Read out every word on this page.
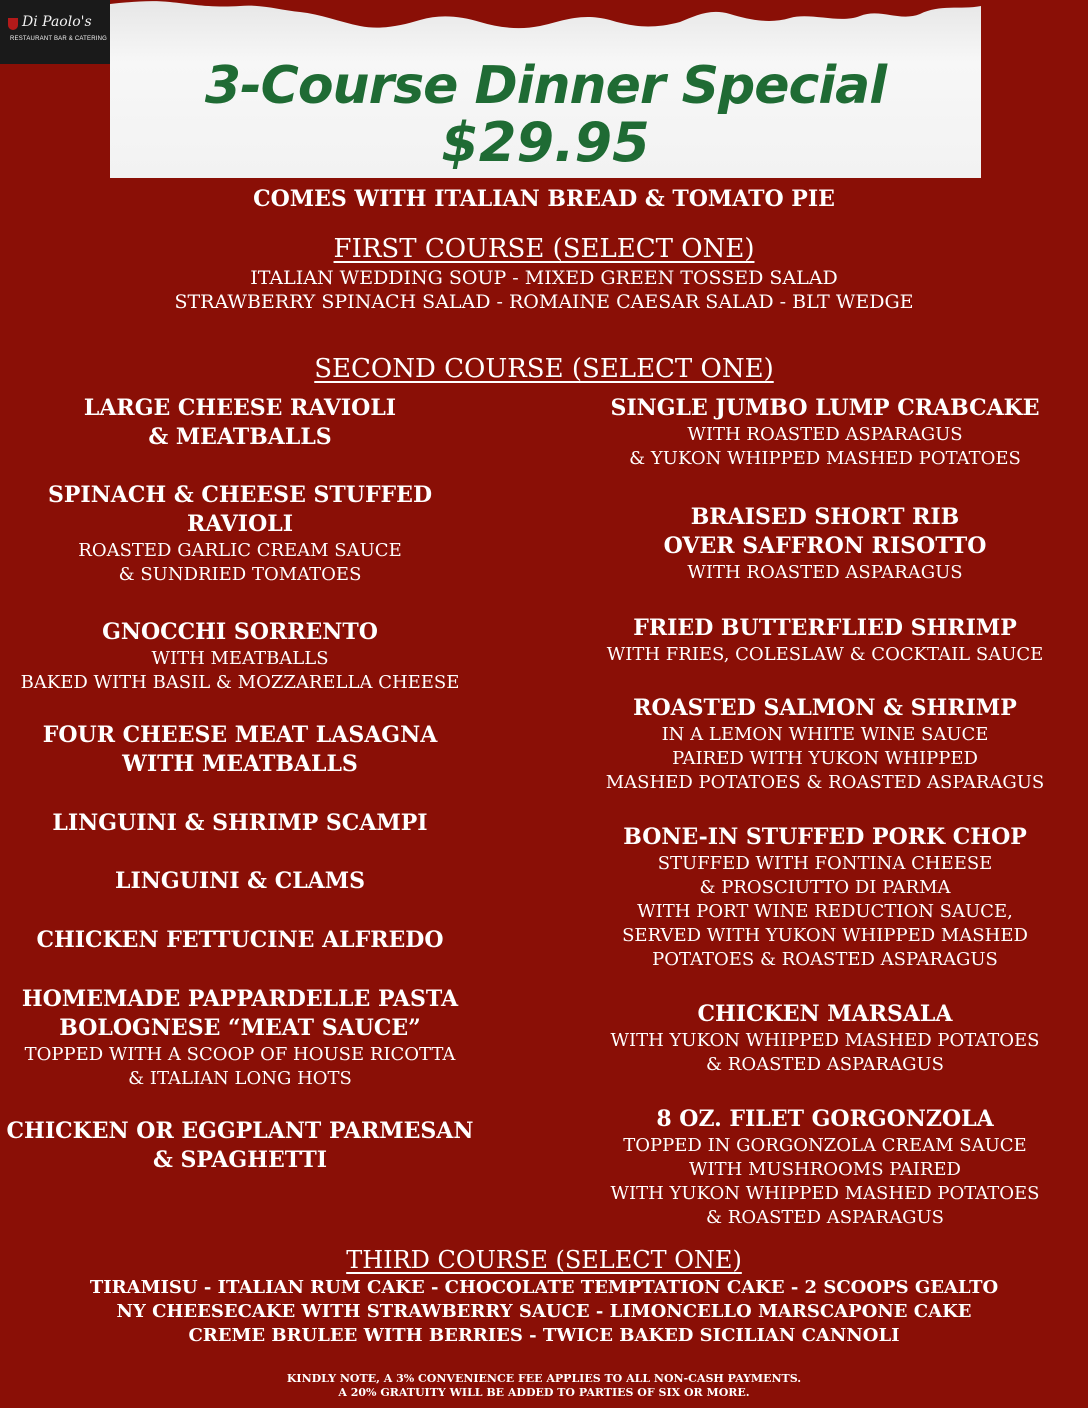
Di Paolo's
RESTAURANT BAR & CATERING
3-Course Dinner Special
$29.95
COMES WITH ITALIAN BREAD & TOMATO PIE
FIRST COURSE (SELECT ONE)
ITALIAN WEDDING SOUP - MIXED GREEN TOSSED SALAD
STRAWBERRY SPINACH SALAD - ROMAINE CAESAR SALAD - BLT WEDGE
SECOND COURSE (SELECT ONE)
LARGE CHEESE RAVIOLI
& MEATBALLS
SPINACH & CHEESE STUFFED
RAVIOLI
ROASTED GARLIC CREAM SAUCE
& SUNDRIED TOMATOES
GNOCCHI SORRENTO
WITH MEATBALLS
BAKED WITH BASIL & MOZZARELLA CHEESE
FOUR CHEESE MEAT LASAGNA
WITH MEATBALLS
LINGUINI & SHRIMP SCAMPI
LINGUINI & CLAMS
CHICKEN FETTUCINE ALFREDO
HOMEMADE PAPPARDELLE PASTA
BOLOGNESE “MEAT SAUCE”
TOPPED WITH A SCOOP OF HOUSE RICOTTA
& ITALIAN LONG HOTS
CHICKEN OR EGGPLANT PARMESAN
& SPAGHETTI
SINGLE JUMBO LUMP CRABCAKE
WITH ROASTED ASPARAGUS
& YUKON WHIPPED MASHED POTATOES
BRAISED SHORT RIB
OVER SAFFRON RISOTTO
WITH ROASTED ASPARAGUS
FRIED BUTTERFLIED SHRIMP
WITH FRIES, COLESLAW & COCKTAIL SAUCE
ROASTED SALMON & SHRIMP
IN A LEMON WHITE WINE SAUCE
PAIRED WITH YUKON WHIPPED
MASHED POTATOES & ROASTED ASPARAGUS
BONE-IN STUFFED PORK CHOP
STUFFED WITH FONTINA CHEESE
& PROSCIUTTO DI PARMA
WITH PORT WINE REDUCTION SAUCE,
SERVED WITH YUKON WHIPPED MASHED
POTATOES & ROASTED ASPARAGUS
CHICKEN MARSALA
WITH YUKON WHIPPED MASHED POTATOES
& ROASTED ASPARAGUS
8 OZ. FILET GORGONZOLA
TOPPED IN GORGONZOLA CREAM SAUCE
WITH MUSHROOMS PAIRED
WITH YUKON WHIPPED MASHED POTATOES
& ROASTED ASPARAGUS
THIRD COURSE (SELECT ONE)
TIRAMISU - ITALIAN RUM CAKE - CHOCOLATE TEMPTATION CAKE - 2 SCOOPS GEALTO
NY CHEESECAKE WITH STRAWBERRY SAUCE - LIMONCELLO MARSCAPONE CAKE
CREME BRULEE WITH BERRIES - TWICE BAKED SICILIAN CANNOLI
KINDLY NOTE, A 3% CONVENIENCE FEE APPLIES TO ALL NON-CASH PAYMENTS.
A 20% GRATUITY WILL BE ADDED TO PARTIES OF SIX OR MORE.
